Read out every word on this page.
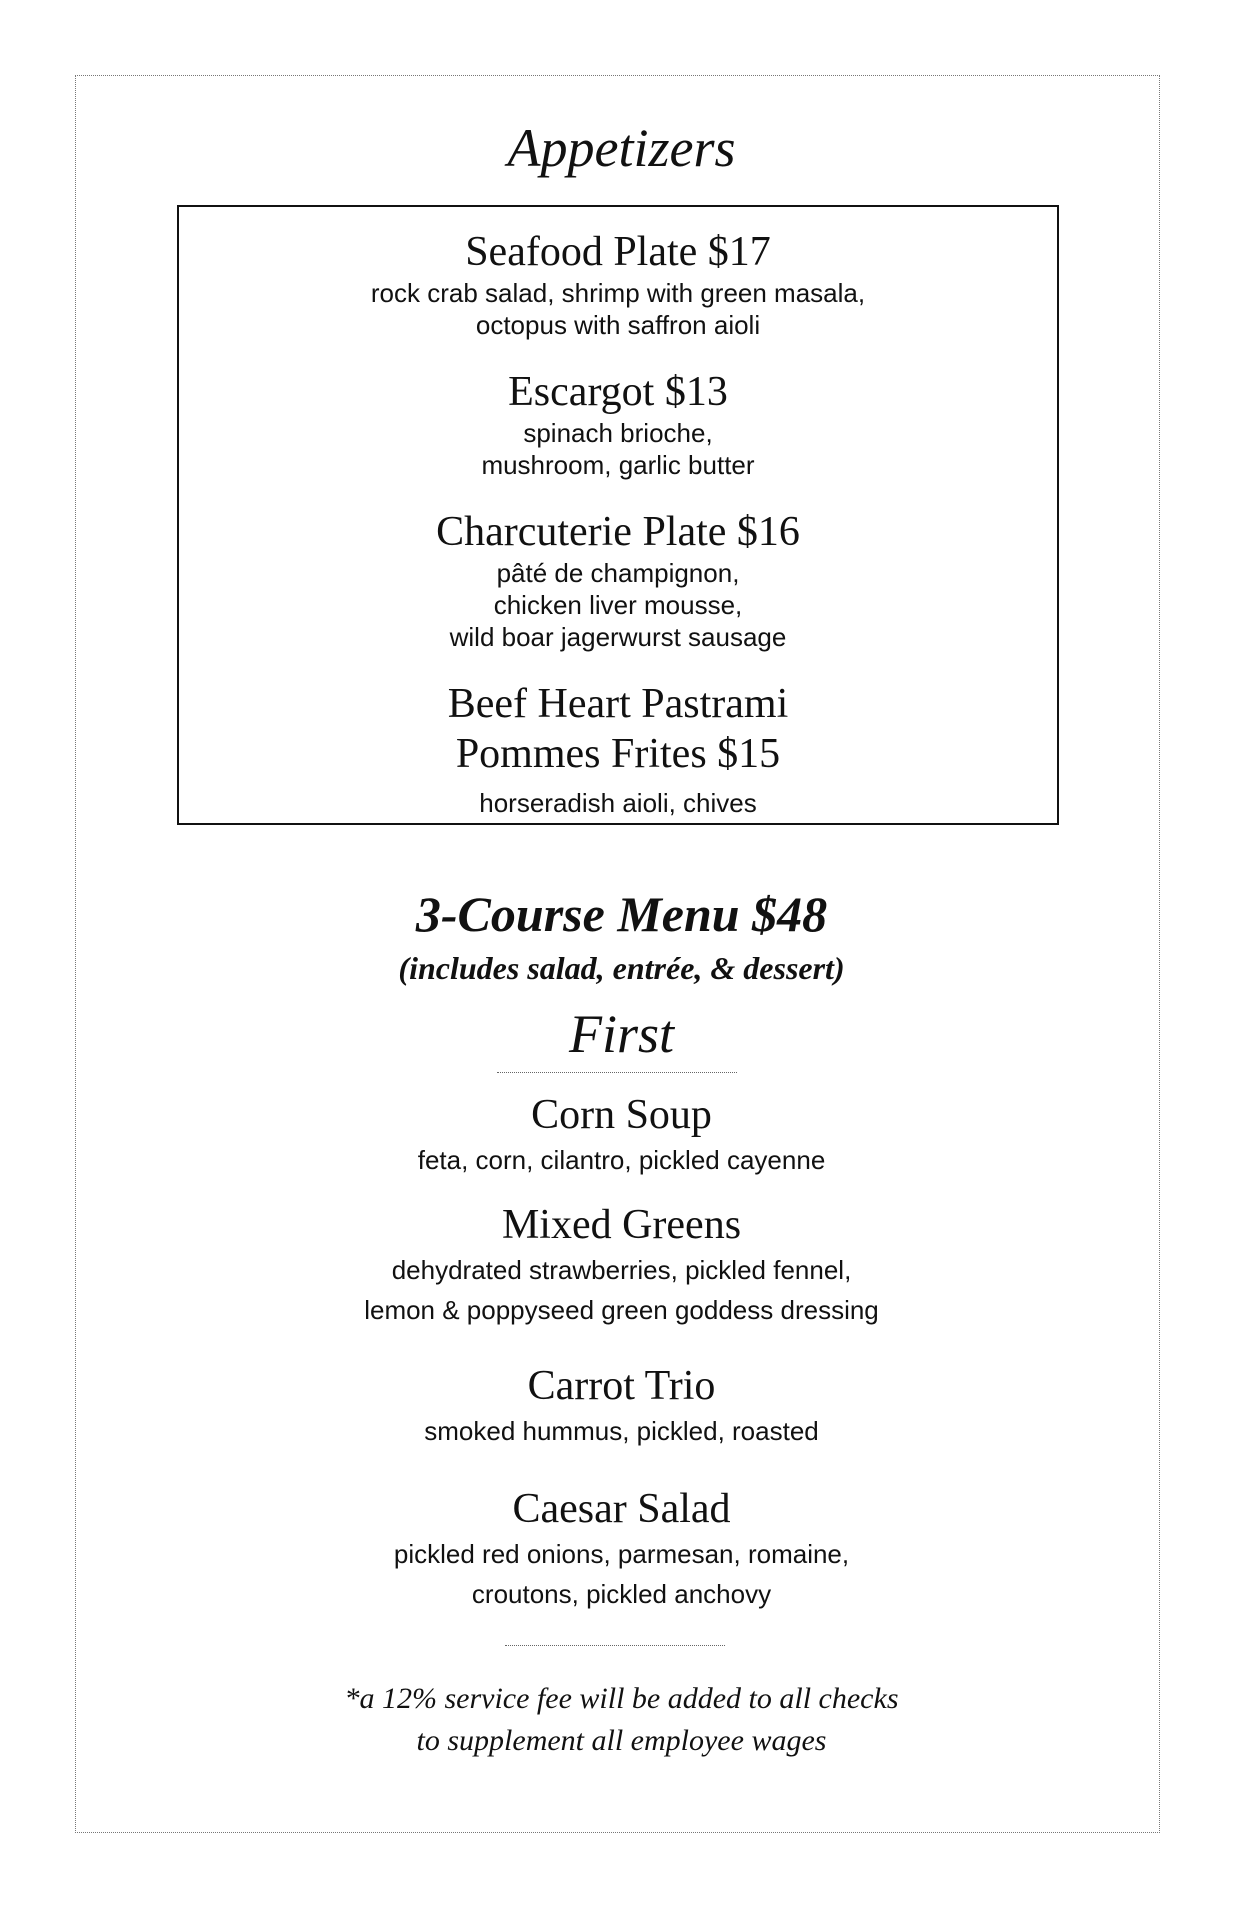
Appetizers
Seafood Plate $17
rock crab salad, shrimp with green masala,
octopus with saffron aioli
Escargot $13
spinach brioche,
mushroom, garlic butter
Charcuterie Plate $16
pâté de champignon,
chicken liver mousse,
wild boar jagerwurst sausage
Beef Heart Pastrami
Pommes Frites $15
horseradish aioli, chives
3-Course Menu $48
(includes salad, entrée, & dessert)
First
Corn Soup
feta, corn, cilantro, pickled cayenne
Mixed Greens
dehydrated strawberries, pickled fennel,
lemon & poppyseed green goddess dressing
Carrot Trio
smoked hummus, pickled, roasted
Caesar Salad
pickled red onions, parmesan, romaine,
croutons, pickled anchovy
*a 12% service fee will be added to all checks
to supplement all employee wages
